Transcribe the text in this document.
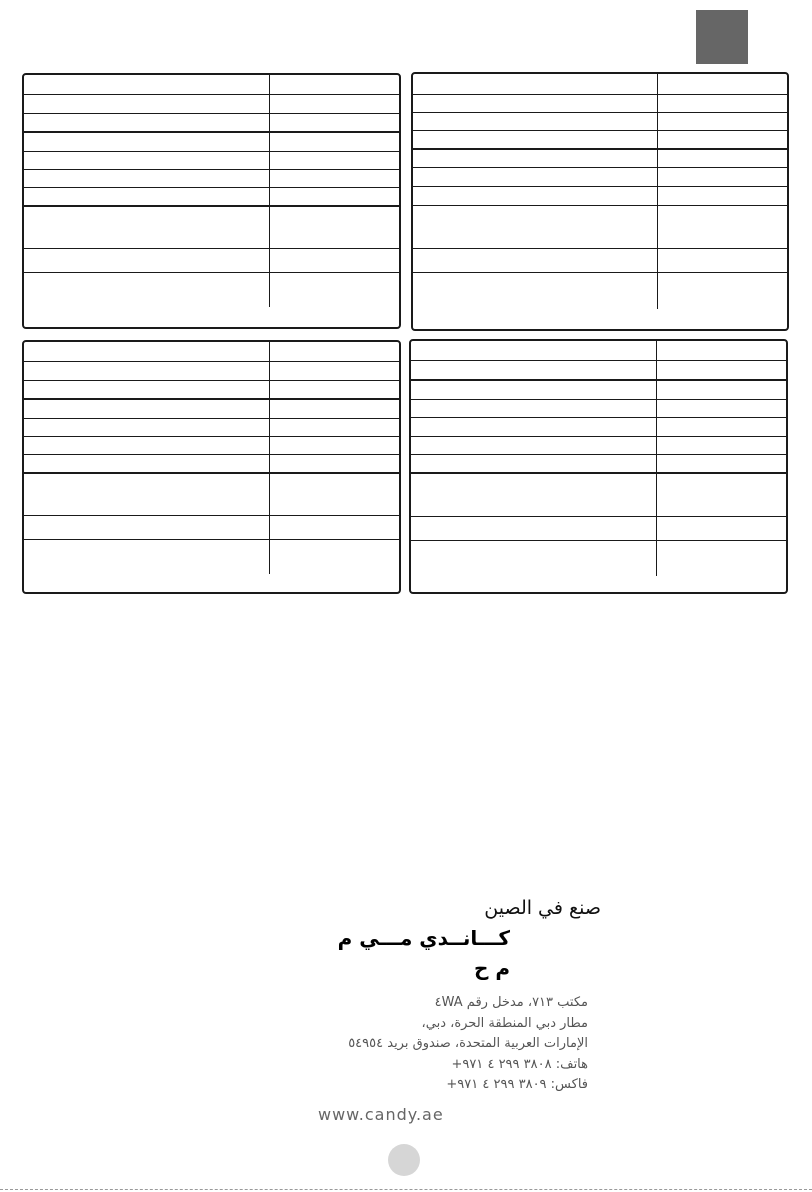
صنع في الصين
كـــانــدي مـــي م م ح
مكتب ٧١٣، مدخل رقم ٤WA
مطار دبي المنطقة الحرة، دبي،
الإمارات العربية المتحدة، صندوق بريد ٥٤٩٥٤
هاتف: ٣٨٠٨ ٢٩٩ ٤ ٩٧١+
فاكس: ٣٨٠٩ ٢٩٩ ٤ ٩٧١+
www.candy.ae
